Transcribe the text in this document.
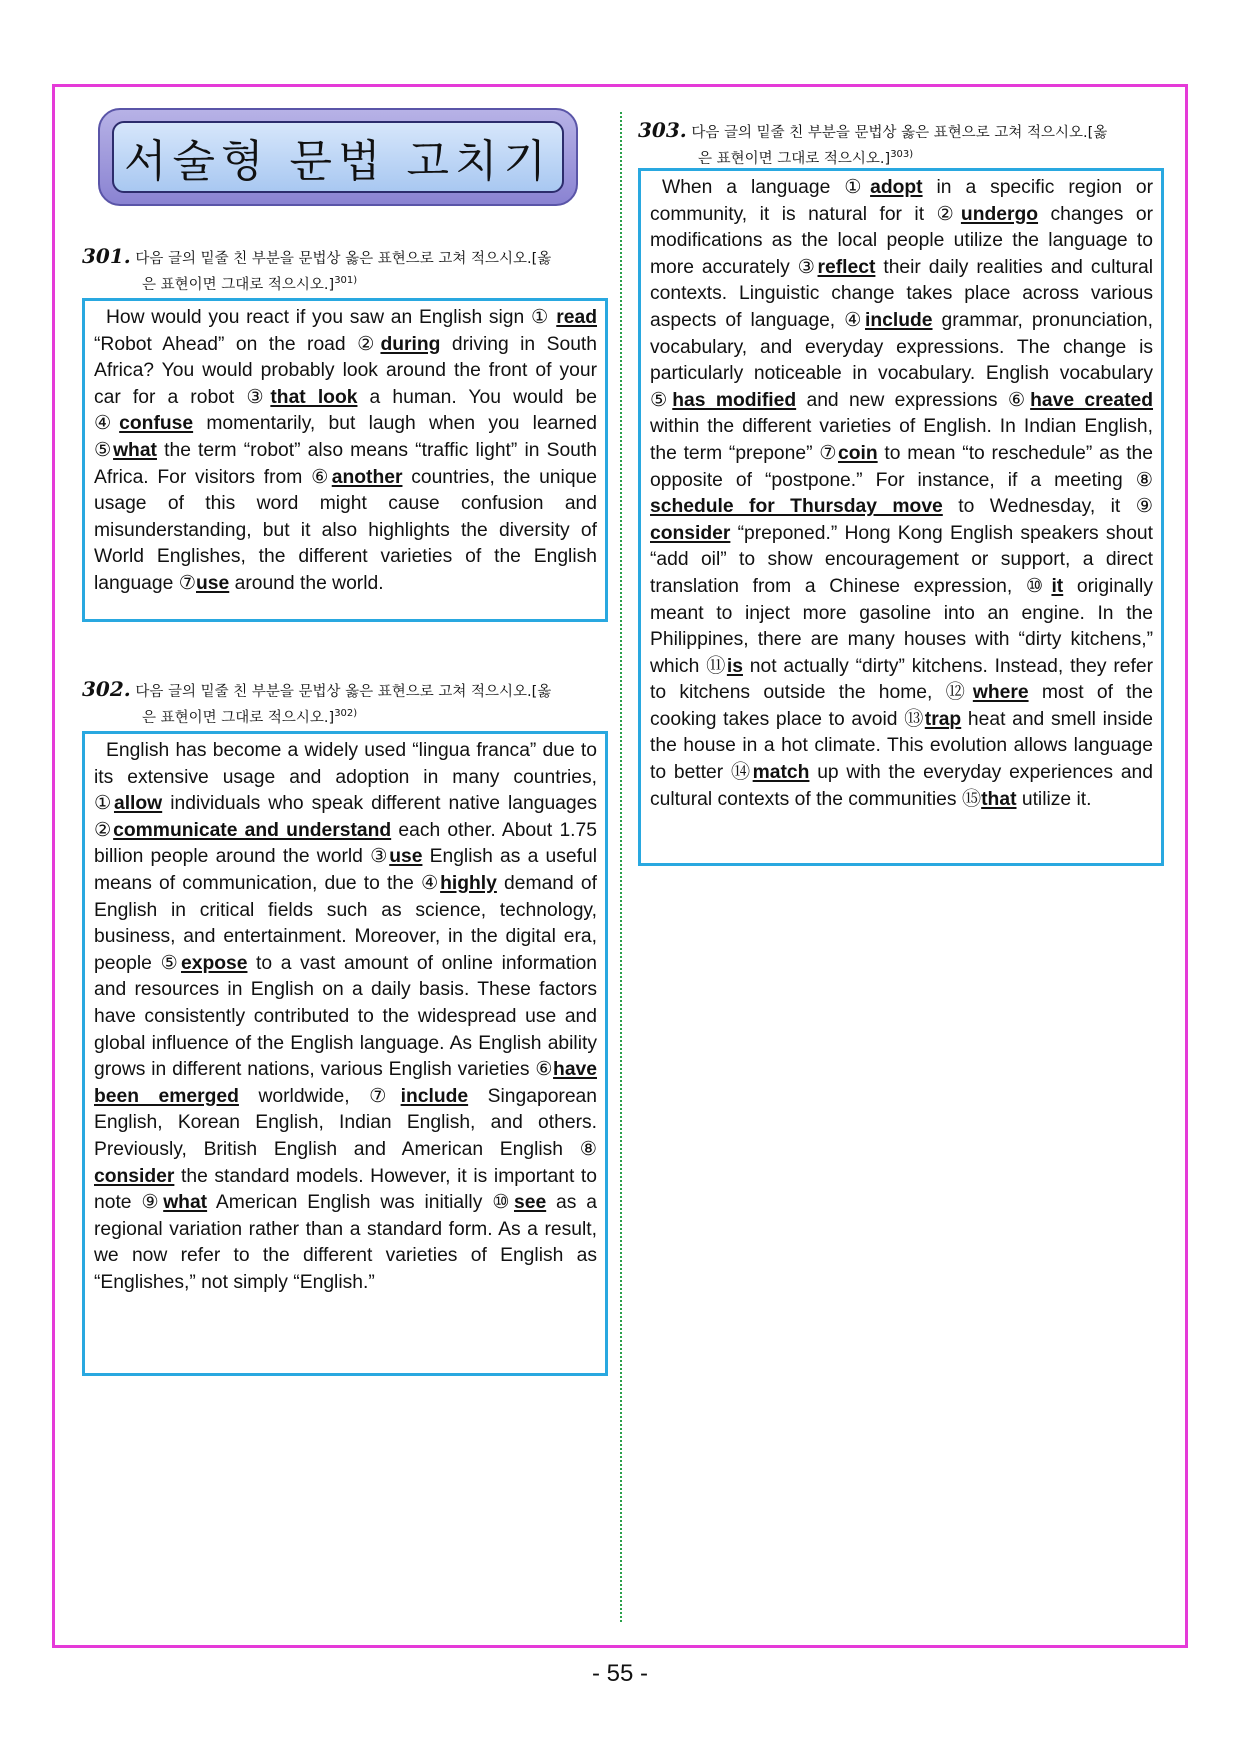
서술형 문법 고치기
301. 다음 글의 밑줄 친 부분을 문법상 옳은 표현으로 고쳐 적으시오.[옳
은 표현이면 그대로 적으시오.]$^{301)}$

How would you react if you saw an English sign ① read “Robot Ahead” on the road ②during driving in South Africa? You would probably look around the front of your car for a robot ③that look a human. You would be ④confuse momentarily, but laugh when you learned ⑤what the term “robot” also means “traffic light” in South Africa. For visitors from ⑥another countries, the unique usage of this word might cause confusion and misunderstanding, but it also highlights the diversity of World Englishes, the different varieties of the English language ⑦use around the world.

302. 다음 글의 밑줄 친 부분을 문법상 옳은 표현으로 고쳐 적으시오.[옳
은 표현이면 그대로 적으시오.]$^{302)}$

English has become a widely used “lingua franca” due to its extensive usage and adoption in many countries, ①allow individuals who speak different native languages ②communicate and understand each other. About 1.75 billion people around the world ③use English as a useful means of communication, due to the ④highly demand of English in critical fields such as science, technology, business, and entertainment. Moreover, in the digital era, people ⑤expose to a vast amount of online information and resources in English on a daily basis. These factors have consistently contributed to the widespread use and global influence of the English language. As English ability grows in different nations, various English varieties ⑥have been emerged worldwide, ⑦include Singaporean English, Korean English, Indian English, and others. Previously, British English and American English ⑧ consider the standard models. However, it is important to note ⑨what American English was initially ⑩see as a regional variation rather than a standard form. As a result, we now refer to the different varieties of English as “Englishes,” not simply “English.”

303. 다음 글의 밑줄 친 부분을 문법상 옳은 표현으로 고쳐 적으시오.[옳
은 표현이면 그대로 적으시오.]$^{303)}$

When a language ①adopt in a specific region or community, it is natural for it ②undergo changes or modifications as the local people utilize the language to more accurately ③reflect their daily realities and cultural contexts. Linguistic change takes place across various aspects of language, ④include grammar, pronunciation, vocabulary, and everyday expressions. The change is particularly noticeable in vocabulary. English vocabulary ⑤has modified and new expressions ⑥have created within the different varieties of English. In Indian English, the term “prepone” ⑦coin to mean “to reschedule” as the opposite of “postpone.” For instance, if a meeting ⑧ schedule for Thursday move to Wednesday, it ⑨ consider “preponed.” Hong Kong English speakers shout “add oil” to show encouragement or support, a direct translation from a Chinese expression, ⑩it originally meant to inject more gasoline into an engine. In the Philippines, there are many houses with “dirty kitchens,” which ⑪is not actually “dirty” kitchens. Instead, they refer to kitchens outside the home, ⑫where most of the cooking takes place to avoid ⑬trap heat and smell inside the house in a hot climate. This evolution allows language to better ⑭match up with the everyday experiences and cultural contexts of the communities ⑮that utilize it.

- 55 -
